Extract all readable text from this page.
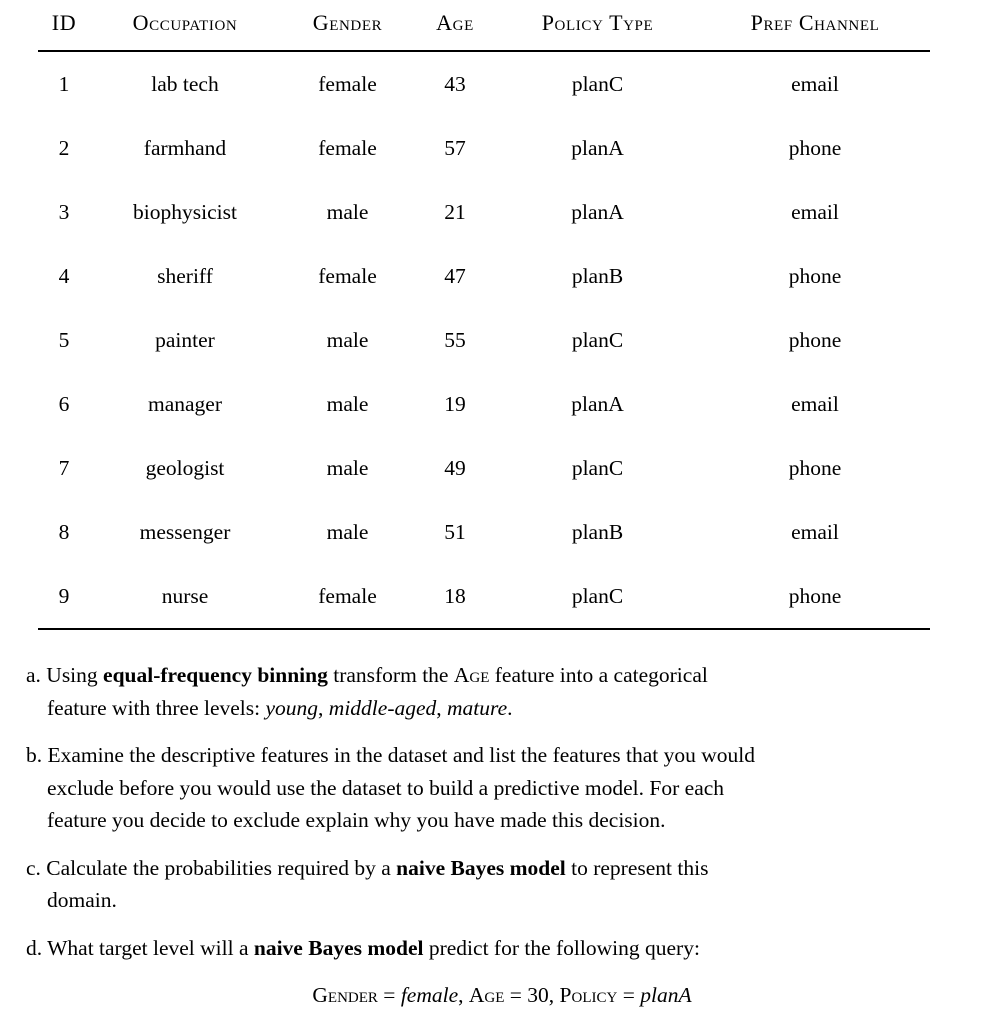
ID	Occupation	Gender	Age	Policy Type	Pref Channel
1	lab tech	female	43	planC	email
2	farmhand	female	57	planA	phone
3	biophysicist	male	21	planA	email
4	sheriff	female	47	planB	phone
5	painter	male	55	planC	phone
6	manager	male	19	planA	email
7	geologist	male	49	planC	phone
8	messenger	male	51	planB	email
9	nurse	female	18	planC	phone

a. Using equal-frequency binning transform the Age feature into a categorical
feature with three levels: young, middle-aged, mature.

b. Examine the descriptive features in the dataset and list the features that you would
exclude before you would use the dataset to build a predictive model. For each
feature you decide to exclude explain why you have made this decision.

c. Calculate the probabilities required by a naive Bayes model to represent this
domain.

d. What target level will a naive Bayes model predict for the following query:

Gender = female, Age = 30, Policy = planA
